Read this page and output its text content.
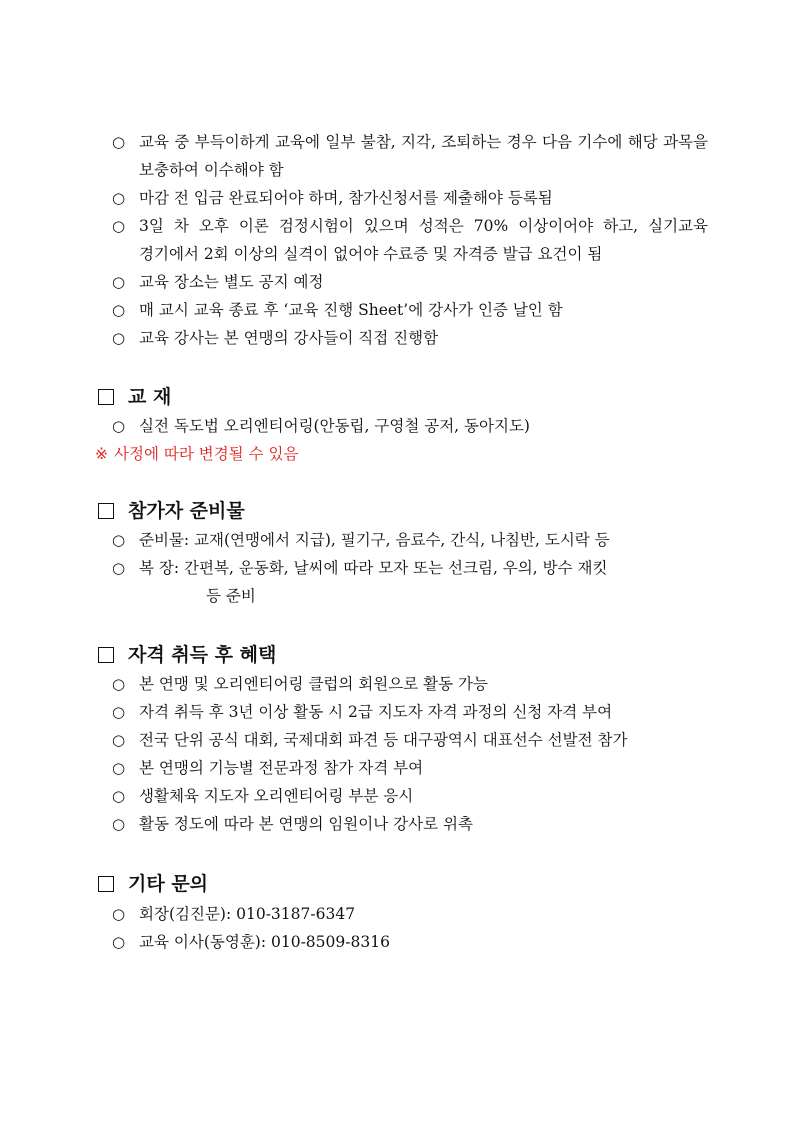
○ 교육 중 부득이하게 교육에 일부 불참, 지각, 조퇴하는 경우 다음 기수에 해당 과목을 보충하여 이수해야 함
○ 마감 전 입금 완료되어야 하며, 참가신청서를 제출해야 등록됨
○ 3일 차 오후 이론 검정시험이 있으며 성적은 70% 이상이어야 하고, 실기교육 경기에서 2회 이상의 실격이 없어야 수료증 및 자격증 발급 요건이 됨
○ 교육 장소는 별도 공지 예정
○ 매 교시 교육 종료 후 ‘교육 진행 Sheet’에 강사가 인증 날인 함
○ 교육 강사는 본 연맹의 강사들이 직접 진행함
교 재
○ 실전 독도법 오리엔티어링(안동립, 구영철 공저, 동아지도)
※ 사정에 따라 변경될 수 있음
참가자 준비물
○ 준비물: 교재(연맹에서 지급), 필기구, 음료수, 간식, 나침반, 도시락 등
○ 복 장: 간편복, 운동화, 날씨에 따라 모자 또는 선크림, 우의, 방수 재킷
등 준비
자격 취득 후 혜택
○ 본 연맹 및 오리엔티어링 클럽의 회원으로 활동 가능
○ 자격 취득 후 3년 이상 활동 시 2급 지도자 자격 과정의 신청 자격 부여
○ 전국 단위 공식 대회, 국제대회 파견 등 대구광역시 대표선수 선발전 참가
○ 본 연맹의 기능별 전문과정 참가 자격 부여
○ 생활체육 지도자 오리엔티어링 부분 응시
○ 활동 정도에 따라 본 연맹의 임원이나 강사로 위촉
기타 문의
○ 회장(김진문): 010-3187-6347
○ 교육 이사(동영훈): 010-8509-8316
